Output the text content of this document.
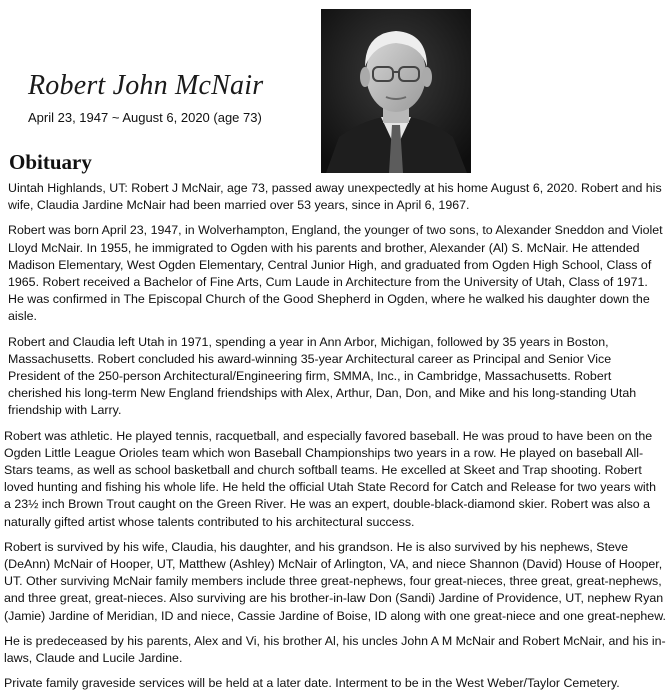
Robert John McNair
April 23, 1947 ~ August 6, 2020 (age 73)
Obituary

Uintah Highlands, UT: Robert J McNair, age 73, passed away unexpectedly at his home August 6, 2020. Robert and his wife, Claudia Jardine McNair had been married over 53 years, since in April 6, 1967.

Robert was born April 23, 1947, in Wolverhampton, England, the younger of two sons, to Alexander Sneddon and Violet Lloyd McNair. In 1955, he immigrated to Ogden with his parents and brother, Alexander (Al) S. McNair. He attended Madison Elementary, West Ogden Elementary, Central Junior High, and graduated from Ogden High School, Class of 1965. Robert received a Bachelor of Fine Arts, Cum Laude in Architecture from the University of Utah, Class of 1971. He was confirmed in The Episcopal Church of the Good Shepherd in Ogden, where he walked his daughter down the aisle.

Robert and Claudia left Utah in 1971, spending a year in Ann Arbor, Michigan, followed by 35 years in Boston, Massachusetts. Robert concluded his award-winning 35-year Architectural career as Principal and Senior Vice President of the 250-person Architectural/Engineering firm, SMMA, Inc., in Cambridge, Massachusetts. Robert cherished his long-term New England friendships with Alex, Arthur, Dan, Don, and Mike and his long-standing Utah friendship with Larry.

Robert was athletic. He played tennis, racquetball, and especially favored baseball. He was proud to have been on the Ogden Little League Orioles team which won Baseball Championships two years in a row. He played on baseball All-Stars teams, as well as school basketball and church softball teams. He excelled at Skeet and Trap shooting. Robert loved hunting and fishing his whole life. He held the official Utah State Record for Catch and Release for two years with a 23½ inch Brown Trout caught on the Green River. He was an expert, double-black-diamond skier. Robert was also a naturally gifted artist whose talents contributed to his architectural success.

Robert is survived by his wife, Claudia, his daughter, and his grandson. He is also survived by his nephews, Steve (DeAnn) McNair of Hooper, UT, Matthew (Ashley) McNair of Arlington, VA, and niece Shannon (David) House of Hooper, UT. Other surviving McNair family members include three great-nephews, four great-nieces, three great, great-nephews, and three great, great-nieces. Also surviving are his brother-in-law Don (Sandi) Jardine of Providence, UT, nephew Ryan (Jamie) Jardine of Meridian, ID and niece, Cassie Jardine of Boise, ID along with one great-niece and one great-nephew.

He is predeceased by his parents, Alex and Vi, his brother Al, his uncles John A M McNair and Robert McNair, and his in-laws, Claude and Lucile Jardine.

Private family graveside services will be held at a later date. Interment to be in the West Weber/Taylor Cemetery.
